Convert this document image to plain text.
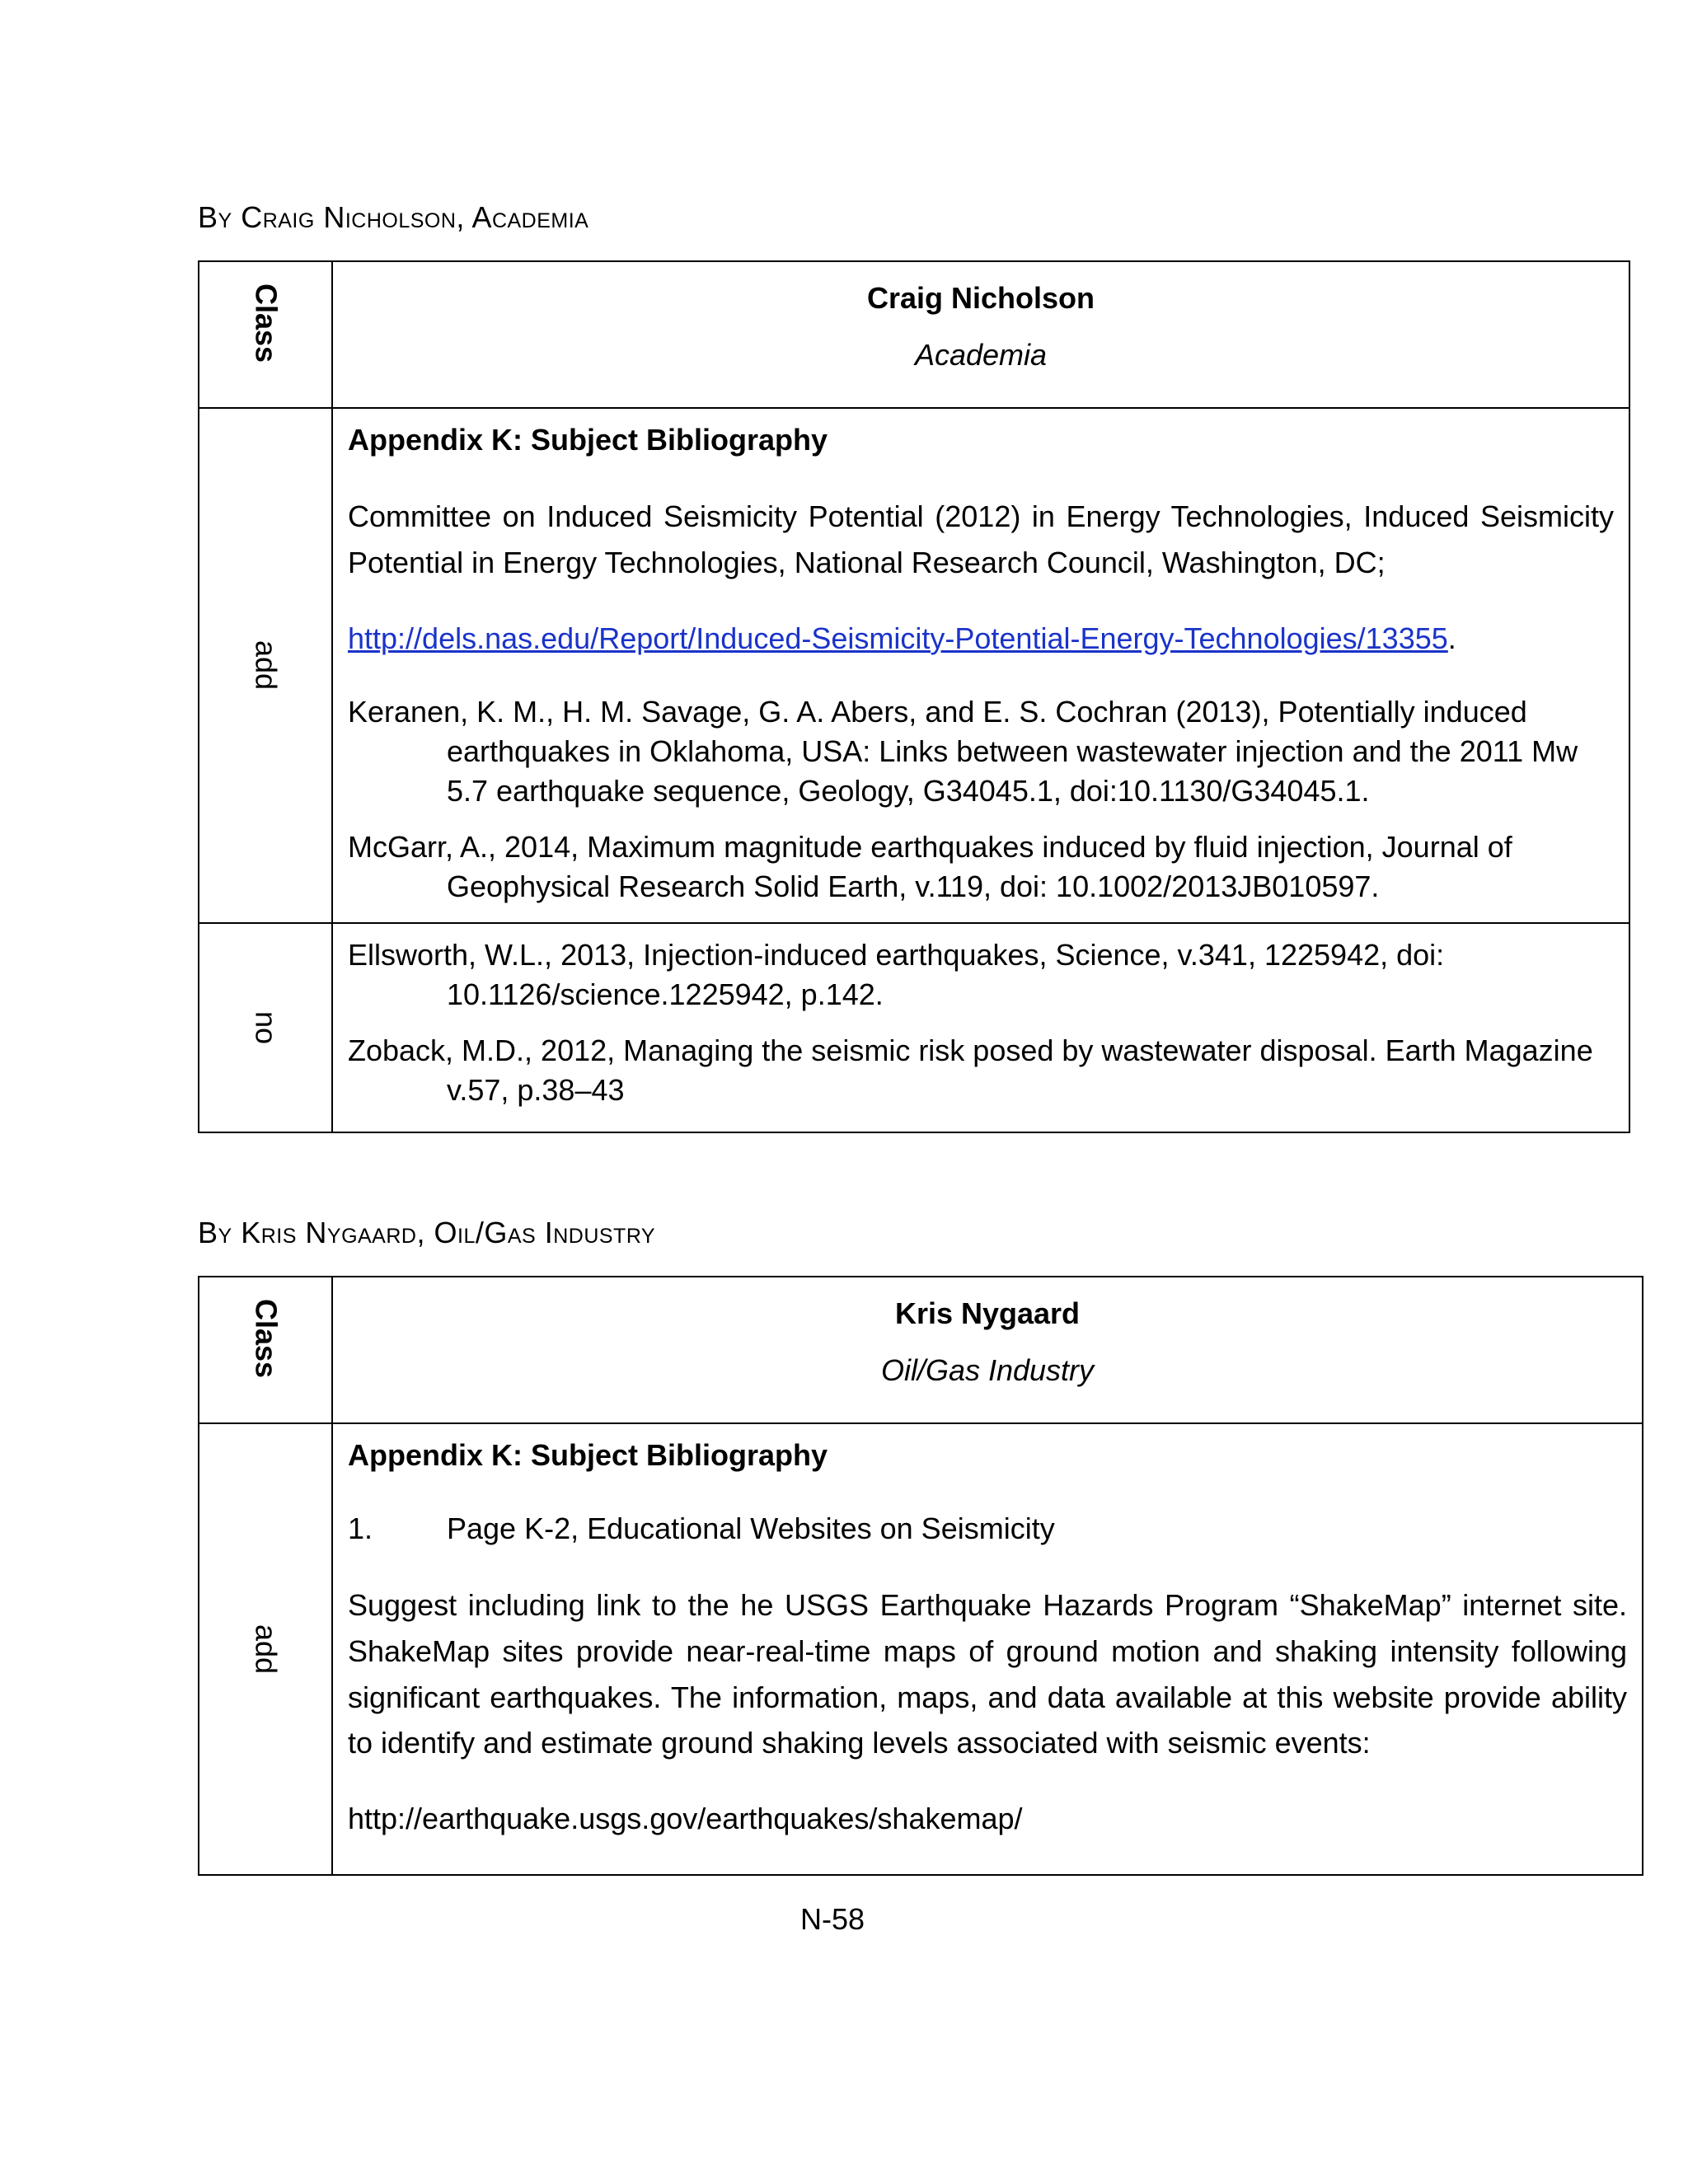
By Craig Nicholson, Academia
Class	Craig Nicholson

Academia

add	Appendix K: Subject Bibliography

Committee on Induced Seismicity Potential (2012) in Energy Technologies, Induced Seismicity Potential in Energy Technologies, National Research Council, Washington, DC;

http://dels.nas.edu/Report/Induced-Seismicity-Potential-Energy-Technologies/13355.

Keranen, K. M., H. M. Savage, G. A. Abers, and E. S. Cochran (2013), Potentially induced earthquakes in Oklahoma, USA: Links between wastewater injection and the 2011 Mw 5.7 earthquake sequence, Geology, G34045.1, doi:10.1130/G34045.1.

McGarr, A., 2014, Maximum magnitude earthquakes induced by fluid injection, Journal of Geophysical Research Solid Earth, v.119, doi: 10.1002/2013JB010597.

no	Ellsworth, W.L., 2013, Injection-induced earthquakes, Science, v.341, 1225942, doi: 10.1126/science.1225942, p.142.

Zoback, M.D., 2012, Managing the seismic risk posed by wastewater disposal. Earth Magazine v.57, p.38–43

By Kris Nygaard, Oil/Gas Industry
Class	Kris Nygaard

Oil/Gas Industry

add	Appendix K: Subject Bibliography

1. Page K-2, Educational Websites on Seismicity

Suggest including link to the he USGS Earthquake Hazards Program “ShakeMap” internet site. ShakeMap sites provide near-real-time maps of ground motion and shaking intensity following significant earthquakes. The information, maps, and data available at this website provide ability to identify and estimate ground shaking levels associated with seismic events:

http://earthquake.usgs.gov/earthquakes/shakemap/

N-58
